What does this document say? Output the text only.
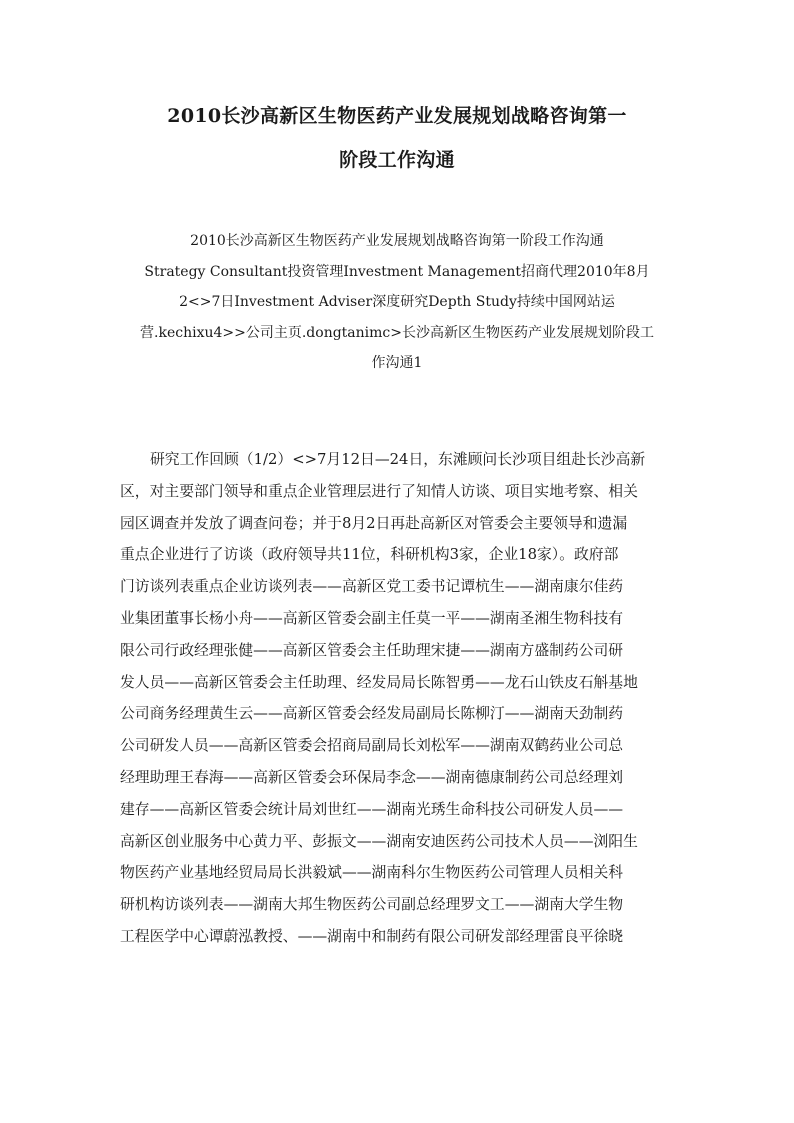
2010长沙高新区生物医药产业发展规划战略咨询第一
阶段工作沟通
2010长沙高新区生物医药产业发展规划战略咨询第一阶段工作沟通
Strategy Consultant投资管理Investment Management招商代理2010年8月
2<>7日Investment Adviser深度研究Depth Study持续中国网站运
营.kechixu4>>公司主页.dongtanimc>长沙高新区生物医药产业发展规划阶段工
作沟通1
研究工作回顾（1/2）<>7月12日—24日，东滩顾问长沙项目组赴长沙高新
区，对主要部门领导和重点企业管理层进行了知情人访谈、项目实地考察、相关
园区调查并发放了调查问卷；并于8月2日再赴高新区对管委会主要领导和遗漏
重点企业进行了访谈（政府领导共11位，科研机构3家，企业18家）。政府部
门访谈列表重点企业访谈列表——高新区党工委书记谭杭生——湖南康尔佳药
业集团董事长杨小舟——高新区管委会副主任莫一平——湖南圣湘生物科技有
限公司行政经理张健——高新区管委会主任助理宋捷——湖南方盛制药公司研
发人员——高新区管委会主任助理、经发局局长陈智勇——龙石山铁皮石斛基地
公司商务经理黄生云——高新区管委会经发局副局长陈柳汀——湖南天劲制药
公司研发人员——高新区管委会招商局副局长刘松军——湖南双鹤药业公司总
经理助理王春海——高新区管委会环保局李念——湖南德康制药公司总经理刘
建存——高新区管委会统计局刘世红——湖南光琇生命科技公司研发人员——
高新区创业服务中心黄力平、彭振文——湖南安迪医药公司技术人员——浏阳生
物医药产业基地经贸局局长洪毅斌——湖南科尔生物医药公司管理人员相关科
研机构访谈列表——湖南大邦生物医药公司副总经理罗文工——湖南大学生物
工程医学中心谭蔚泓教授、——湖南中和制药有限公司研发部经理雷良平徐晓
